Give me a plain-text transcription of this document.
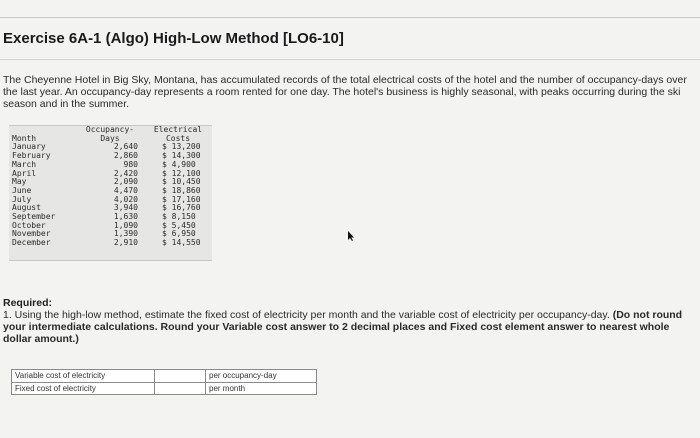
Exercise 6A-1 (Algo) High-Low Method [LO6-10]
The Cheyenne Hotel in Big Sky, Montana, has accumulated records of the total electrical costs of the hotel and the number of occupancy-days over the last year. An occupancy-day represents a room rented for one day. The hotel's business is highly seasonal, with peaks occurring during the ski season and in the summer.
	Occupancy-	Electrical
Month	Days	Costs
January	2,640	$ 13,200
February	2,860	$ 14,300
March	980	$ 4,900
April	2,420	$ 12,100
May	2,090	$ 10,450
June	4,470	$ 18,860
July	4,020	$ 17,160
August	3,940	$ 16,760
September	1,630	$ 8,150
October	1,090	$ 5,450
November	1,390	$ 6,950
December	2,910	$ 14,550
Required:
1. Using the high-low method, estimate the fixed cost of electricity per month and the variable cost of electricity per occupancy-day. (Do not round your intermediate calculations. Round your Variable cost answer to 2 decimal places and Fixed cost element answer to nearest whole dollar amount.)
Variable cost of electricity		per occupancy-day
Fixed cost of electricity		per month
